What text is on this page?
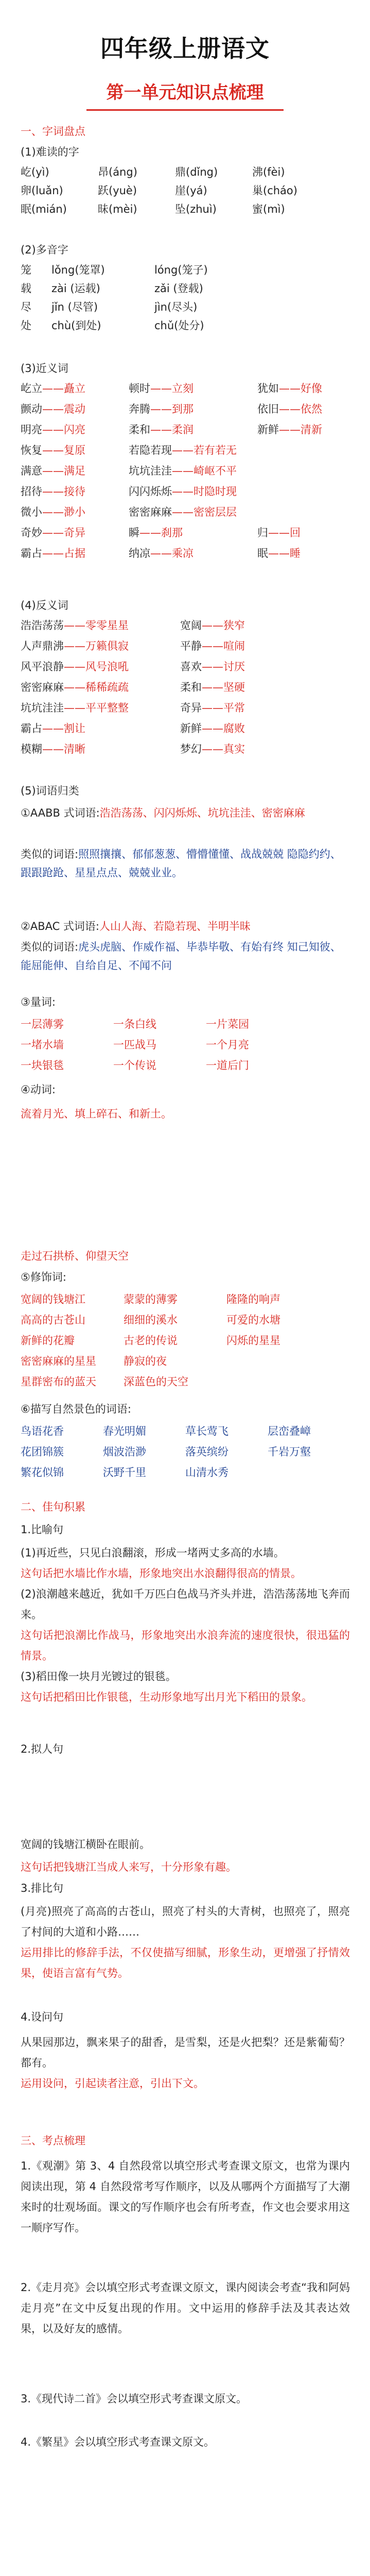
四年级上册语文
第一单元知识点梳理
一、字词盘点
(1)难读的字
屹(yì)	昂(áng)	鼎(dǐng)	沸(fèi)
卵(luǎn)	跃(yuè)	崖(yá)	巢(cháo)
眠(mián)	昧(mèi)	坠(zhuì)	蜜(mì)
(2)多音字
笼 lǒng(笼罩)	lóng(笼子)
载 zài (运载)	zǎi (登载)
尽 jǐn (尽管)	jìn(尽头)
处 chù(到处)	chǔ(处分)
(3)近义词
(4)反义词
(5)词语归类
①AABB 式词语:浩浩荡荡、闪闪烁烁、坑坑洼洼、密密麻麻
类似的词语:照照攘攘、郁郁葱葱、懵懵懂懂、战战兢兢 隐隐约约、跟跟跄跄、星星点点、兢兢业业。
②ABAC 式词语:人山人海、若隐若现、半明半昧
类似的词语:虎头虎脑、作威作福、毕恭毕敬、有始有终 知己知彼、能屈能伸、自给自足、不闻不问
③量词:
④动词:
流着月光、填上碎石、和新土。
走过石拱桥、仰望天空
⑤修饰词:
⑥描写自然景色的词语:
二、佳句积累
1.比喻句
(1)再近些，只见白浪翻滚，形成一堵两丈多高的水墙。
这句话把水墙比作水墙，形象地突出水浪翻得很高的情景。
(2)浪潮越来越近，犹如千万匹白色战马齐头并进，浩浩荡荡地飞奔而来。
这句话把浪潮比作战马，形象地突出水浪奔流的速度很快，很迅猛的情景。
(3)稻田像一块月光镀过的银毯。
这句话把稻田比作银毯，生动形象地写出月光下稻田的景象。
2.拟人句
宽阔的钱塘江横卧在眼前。
这句话把钱塘江当成人来写，十分形象有趣。
3.排比句
(月亮)照亮了高高的古苍山，照亮了村头的大青树，也照亮了，照亮了村间的大道和小路……
运用排比的修辞手法，不仅使描写细腻，形象生动，更增强了抒情效果，使语言富有气势。
4.设问句
从果园那边，飘来果子的甜香，是雪梨，还是火把梨？还是紫葡萄？都有。
运用设问，引起读者注意，引出下文。
三、考点梳理
1.《观潮》第 3、4 自然段常以填空形式考查课文原文，也常为课内阅读出现，第 4 自然段常考写作顺序，以及从哪两个方面描写了大潮来时的壮观场面。课文的写作顺序也会有所考查，作文也会要求用这一顺序写作。
2.《走月亮》会以填空形式考查课文原文，课内阅读会考查“我和阿妈走月亮”在文中反复出现的作用。文中运用的修辞手法及其表达效果，以及好友的感情。
3.《现代诗二首》会以填空形式考查课文原文。
4.《繁星》会以填空形式考查课文原文。
屹立——矗立	顿时——立刻	犹如——好像
颤动——震动	奔腾——到那	依旧——依然
明亮——闪亮	柔和——柔润	新鲜——清新
恢复——复原	若隐若现——若有若无
满意——满足	坑坑洼洼——崎岖不平
招待——接待	闪闪烁烁——时隐时现
微小——渺小	密密麻麻——密密层层
奇妙——奇异	瞬——刹那	归——回
霸占——占据	纳凉——乘凉	眠——睡
浩浩荡荡——零零星星	宽阔——狭窄
人声鼎沸——万籁俱寂	平静——喧闹
风平浪静——风号浪吼	喜欢——讨厌
密密麻麻——稀稀疏疏	柔和——坚硬
坑坑洼洼——平平整整	奇异——平常
霸占——割让	新鲜——腐败
模糊——清晰	梦幻——真实
一层薄雾	一条白线	一片菜园
一堵水墙	一匹战马	一个月亮
一块银毯	一个传说	一道后门
宽阔的钱塘江	蒙蒙的薄雾	隆隆的响声
高高的古苍山	细细的溪水	可爱的水塘
新鲜的花瓣	古老的传说	闪烁的星星
密密麻麻的星星	静寂的夜
星群密布的蓝天	深蓝色的天空
鸟语花香	春光明媚	草长莺飞	层峦叠嶂
花团锦簇	烟波浩渺	落英缤纷	千岩万壑
繁花似锦	沃野千里	山清水秀
